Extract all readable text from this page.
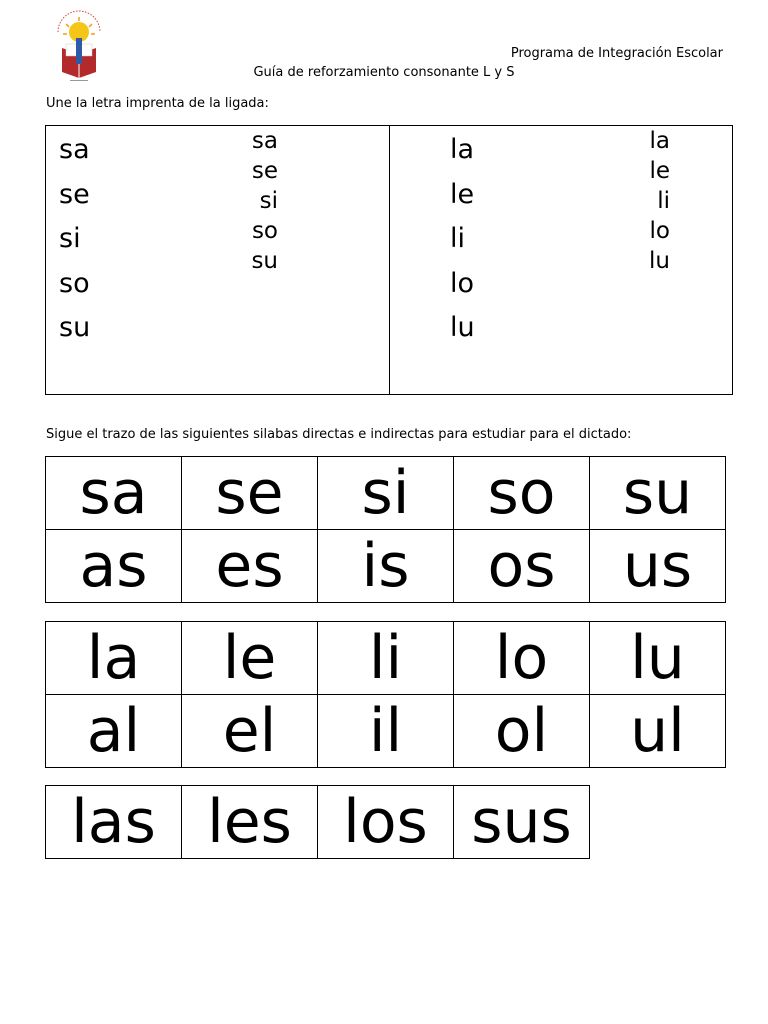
Programa de Integración Escolar
Guía de reforzamiento consonante L y S
Une la letra imprenta de la ligada:
sa
se
si
so
su
sa
se
si
so
su
la
le
li
lo
lu
la
le
li
lo
lu
Sigue el trazo de las siguientes silabas directas e indirectas para estudiar para el dictado:
sa	se	si	so	su
as	es	is	os	us
la	le	li	lo	lu
al	el	il	ol	ul
las	les	los	sus
